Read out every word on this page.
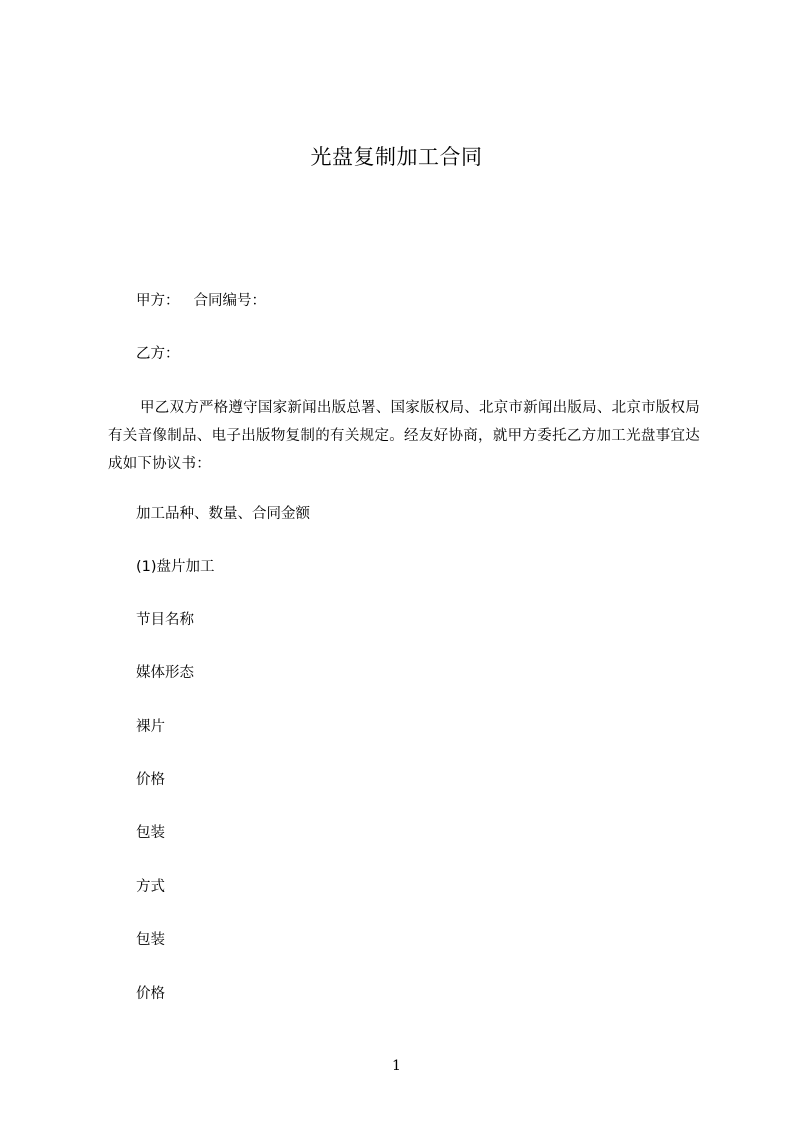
光盘复制加工合同
甲方： 合同编号：
乙方：
甲乙双方严格遵守国家新闻出版总署、国家版权局、北京市新闻出版局、北京市版权局有关音像制品、电子出版物复制的有关规定。经友好协商，就甲方委托乙方加工光盘事宜达成如下协议书：
加工品种、数量、合同金额
(1)盘片加工
节目名称
媒体形态
裸片
价格
包装
方式
包装
价格
1
